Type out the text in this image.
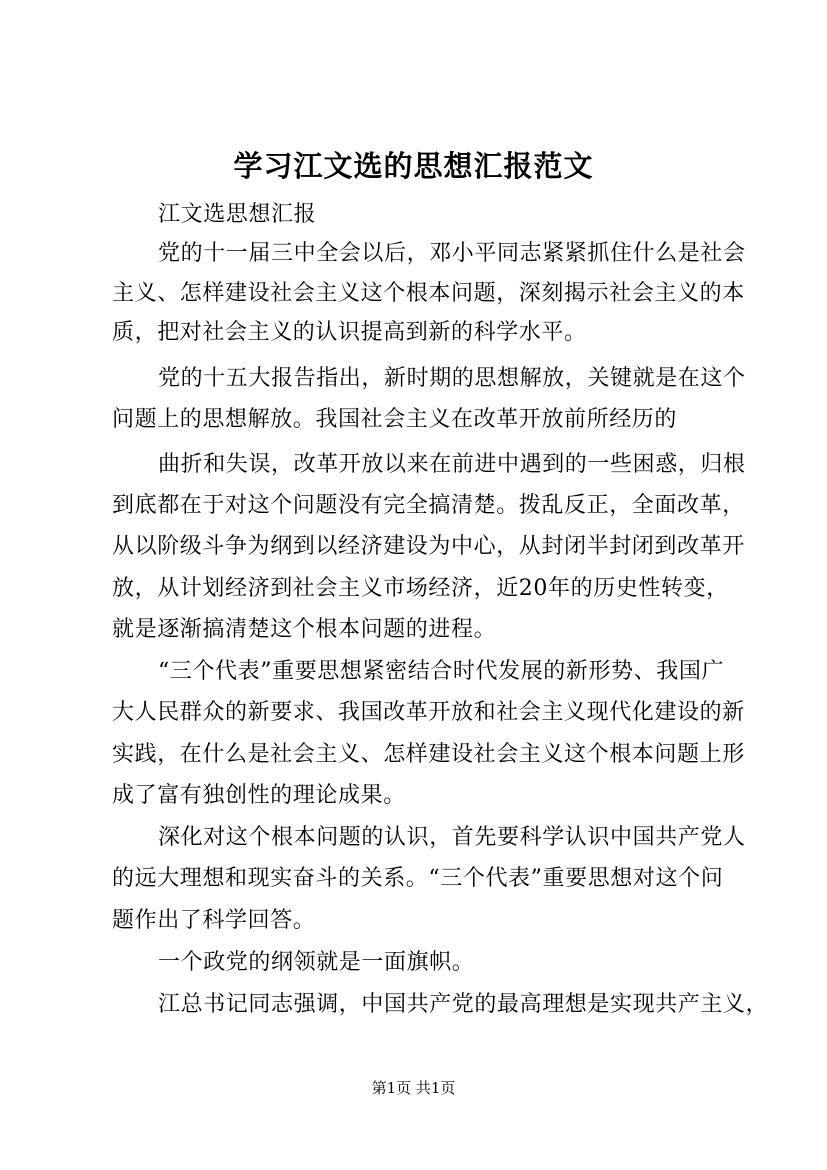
学习江文选的思想汇报范文
江文选思想汇报
党的十一届三中全会以后，邓小平同志紧紧抓住什么是社会
主义、怎样建设社会主义这个根本问题，深刻揭示社会主义的本
质，把对社会主义的认识提高到新的科学水平。
党的十五大报告指出，新时期的思想解放，关键就是在这个
问题上的思想解放。我国社会主义在改革开放前所经历的
曲折和失误，改革开放以来在前进中遇到的一些困惑，归根
到底都在于对这个问题没有完全搞清楚。拨乱反正，全面改革，
从以阶级斗争为纲到以经济建设为中心，从封闭半封闭到改革开
放，从计划经济到社会主义市场经济，近20年的历史性转变，
就是逐渐搞清楚这个根本问题的进程。
“三个代表”重要思想紧密结合时代发展的新形势、我国广
大人民群众的新要求、我国改革开放和社会主义现代化建设的新
实践，在什么是社会主义、怎样建设社会主义这个根本问题上形
成了富有独创性的理论成果。
深化对这个根本问题的认识，首先要科学认识中国共产党人
的远大理想和现实奋斗的关系。“三个代表”重要思想对这个问
题作出了科学回答。
一个政党的纲领就是一面旗帜。
江总书记同志强调，中国共产党的最高理想是实现共产主义，
第1页 共1页
